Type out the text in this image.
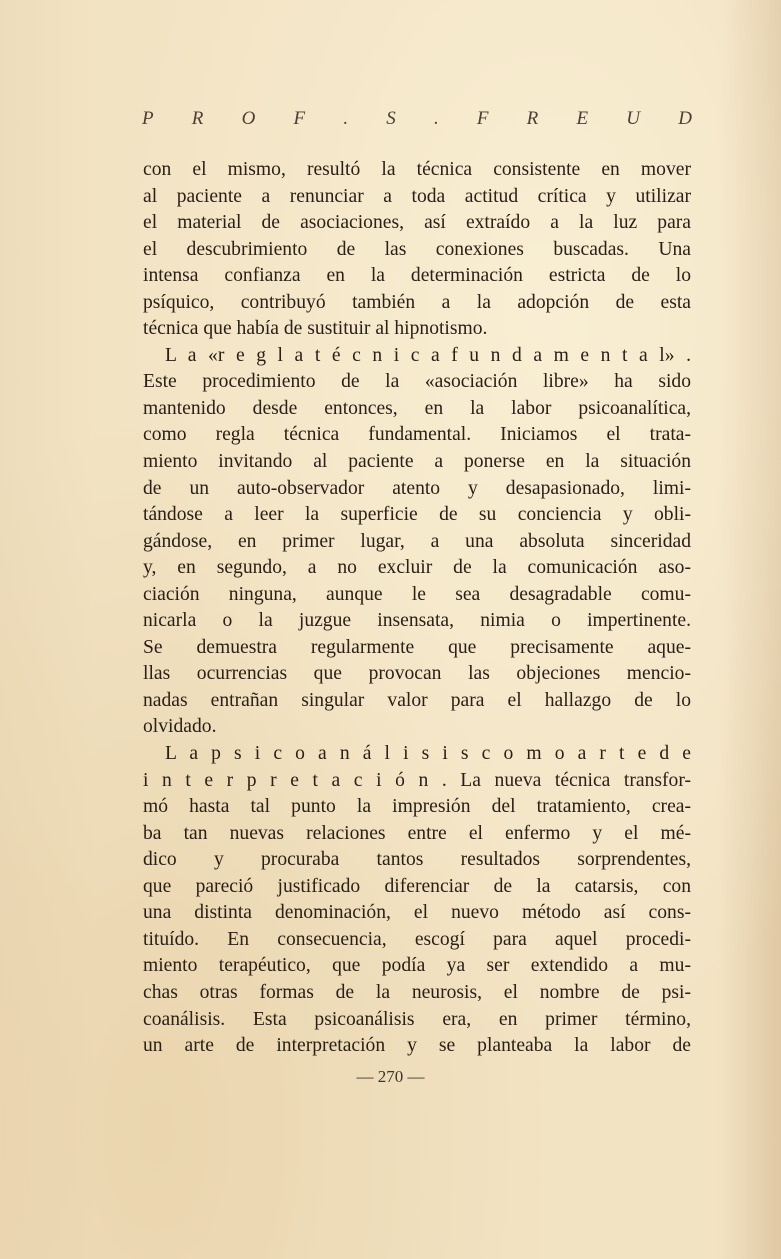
P R O F . S . F R E U D
con el mismo, resultó la técnica consistente en mover
al paciente a renunciar a toda actitud crítica y utilizar
el material de asociaciones, así extraído a la luz para
el descubrimiento de las conexiones buscadas. Una
intensa confianza en la determinación estricta de lo
psíquico, contribuyó también a la adopción de esta
técnica que había de sustituir al hipnotismo.
L a «r e g l a t é c n i c a f u n d a m e n t a l» .
Este procedimiento de la «asociación libre» ha sido
mantenido desde entonces, en la labor psicoanalítica,
como regla técnica fundamental. Iniciamos el trata-
miento invitando al paciente a ponerse en la situación
de un auto-observador atento y desapasionado, limi-
tándose a leer la superficie de su conciencia y obli-
gándose, en primer lugar, a una absoluta sinceridad
y, en segundo, a no excluir de la comunicación aso-
ciación ninguna, aunque le sea desagradable comu-
nicarla o la juzgue insensata, nimia o impertinente.
Se demuestra regularmente que precisamente aque-
llas ocurrencias que provocan las objeciones mencio-
nadas entrañan singular valor para el hallazgo de lo
olvidado.
L a p s i c o a n á l i s i s c o m o a r t e d e
i n t e r p r e t a c i ó n . La nueva técnica transfor-
mó hasta tal punto la impresión del tratamiento, crea-
ba tan nuevas relaciones entre el enfermo y el mé-
dico y procuraba tantos resultados sorprendentes,
que pareció justificado diferenciar de la catarsis, con
una distinta denominación, el nuevo método así cons-
tituído. En consecuencia, escogí para aquel procedi-
miento terapéutico, que podía ya ser extendido a mu-
chas otras formas de la neurosis, el nombre de psi-
coanálisis. Esta psicoanálisis era, en primer término,
un arte de interpretación y se planteaba la labor de
— 270 —
